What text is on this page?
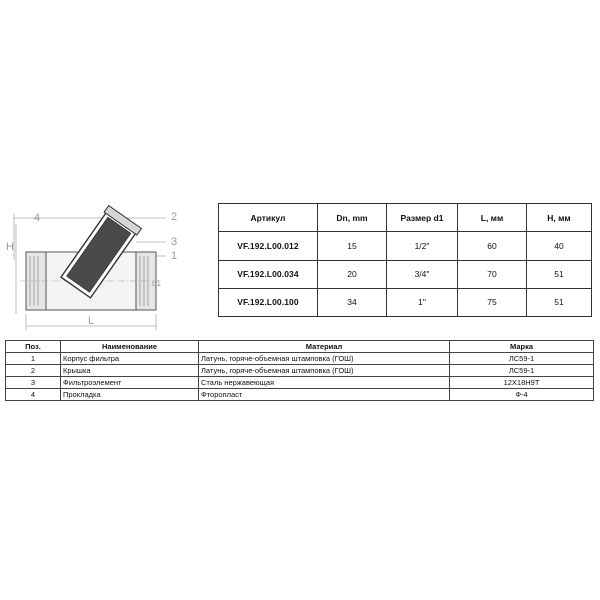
4
H
2
3
1
d1
L
Артикул	Dn, mm	Размер d1	L, мм	H, мм
VF.192.L00.012	15	1/2"	60	40
VF.192.L00.034	20	3/4"	70	51
VF.192.L00.100	34	1"	75	51
Поз.	Наименование	Материал	Марка
1	Корпус фильтра	Латунь, горяче-объемная штамповка (ГОШ)	ЛС59-1
2	Крышка	Латунь, горяче-объемная штамповка (ГОШ)	ЛС59-1
3	Фильтроэлемент	Сталь нержавеющая	12Х18Н9Т
4	Прокладка	Фторопласт	Ф-4
